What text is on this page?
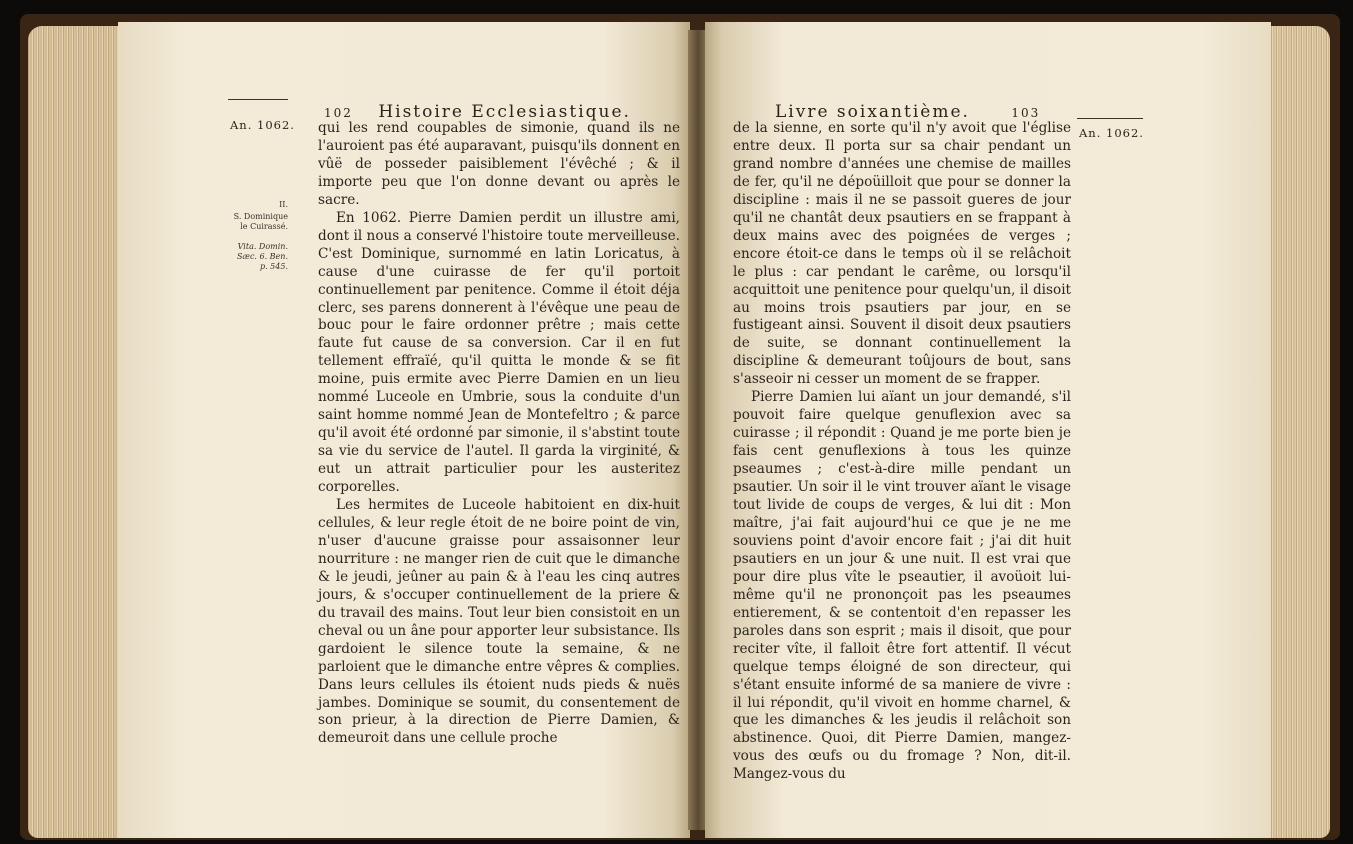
102 Histoire Ecclesiastique.
An. 1062.
II.
S. Dominique le Cuirassé.
Vita. Domin. Sæc. 6. Ben. p. 545.

qui les rend coupables de simonie, quand ils ne l'auroient pas été auparavant, puisqu'ils donnent en vûë de posseder paisiblement l'évêché ; & il importe peu que l'on donne devant ou après le sacre.

En 1062. Pierre Damien perdit un illustre ami, dont il nous a conservé l'histoire toute merveilleuse. C'est Dominique, surnommé en latin Loricatus, à cause d'une cuirasse de fer qu'il portoit continuellement par penitence. Comme il étoit déja clerc, ses parens donnerent à l'évêque une peau de bouc pour le faire ordonner prêtre ; mais cette faute fut cause de sa conversion. Car il en fut tellement effraïé, qu'il quitta le monde & se fit moine, puis ermite avec Pierre Damien en un lieu nommé Luceole en Umbrie, sous la conduite d'un saint homme nommé Jean de Montefeltro ; & parce qu'il avoit été ordonné par simonie, il s'abstint toute sa vie du service de l'autel. Il garda la virginité, & eut un attrait particulier pour les austeritez corporelles.

Les hermites de Luceole habitoient en dix-huit cellules, & leur regle étoit de ne boire point de vin, n'user d'aucune graisse pour assaisonner leur nourriture : ne manger rien de cuit que le dimanche & le jeudi, jeûner au pain & à l'eau les cinq autres jours, & s'occuper continuellement de la priere & du travail des mains. Tout leur bien consistoit en un cheval ou un âne pour apporter leur subsistance. Ils gardoient le silence toute la semaine, & ne parloient que le dimanche entre vêpres & complies. Dans leurs cellules ils étoient nuds pieds & nuës jambes. Dominique se soumit, du consentement de son prieur, à la direction de Pierre Damien, & demeuroit dans une cellule proche

Livre soixantième.	103
An. 1062.

de la sienne, en sorte qu'il n'y avoit que l'église entre deux. Il porta sur sa chair pendant un grand nombre d'années une chemise de mailles de fer, qu'il ne dépoüilloit que pour se donner la discipline : mais il ne se passoit gueres de jour qu'il ne chantât deux psautiers en se frappant à deux mains avec des poignées de verges ; encore étoit-ce dans le temps où il se relâchoit le plus : car pendant le carême, ou lorsqu'il acquittoit une penitence pour quelqu'un, il disoit au moins trois psautiers par jour, en se fustigeant ainsi. Souvent il disoit deux psautiers de suite, se donnant continuellement la discipline & demeurant toûjours de bout, sans s'asseoir ni cesser un moment de se frapper.

Pierre Damien lui aïant un jour demandé, s'il pouvoit faire quelque genuflexion avec sa cuirasse ; il répondit : Quand je me porte bien je fais cent genuflexions à tous les quinze pseaumes ; c'est-à-dire mille pendant un psautier. Un soir il le vint trouver aïant le visage tout livide de coups de verges, & lui dit : Mon maître, j'ai fait aujourd'hui ce que je ne me souviens point d'avoir encore fait ; j'ai dit huit psautiers en un jour & une nuit. Il est vrai que pour dire plus vîte le pseautier, il avoüoit lui-même qu'il ne prononçoit pas les pseaumes entierement, & se contentoit d'en repasser les paroles dans son esprit ; mais il disoit, que pour reciter vîte, il falloit être fort attentif. Il vécut quelque temps éloigné de son directeur, qui s'étant ensuite informé de sa maniere de vivre : il lui répondit, qu'il vivoit en homme charnel, & que les dimanches & les jeudis il relâchoit son abstinence. Quoi, dit Pierre Damien, mangez-vous des œufs ou du fromage ? Non, dit-il. Mangez-vous du
